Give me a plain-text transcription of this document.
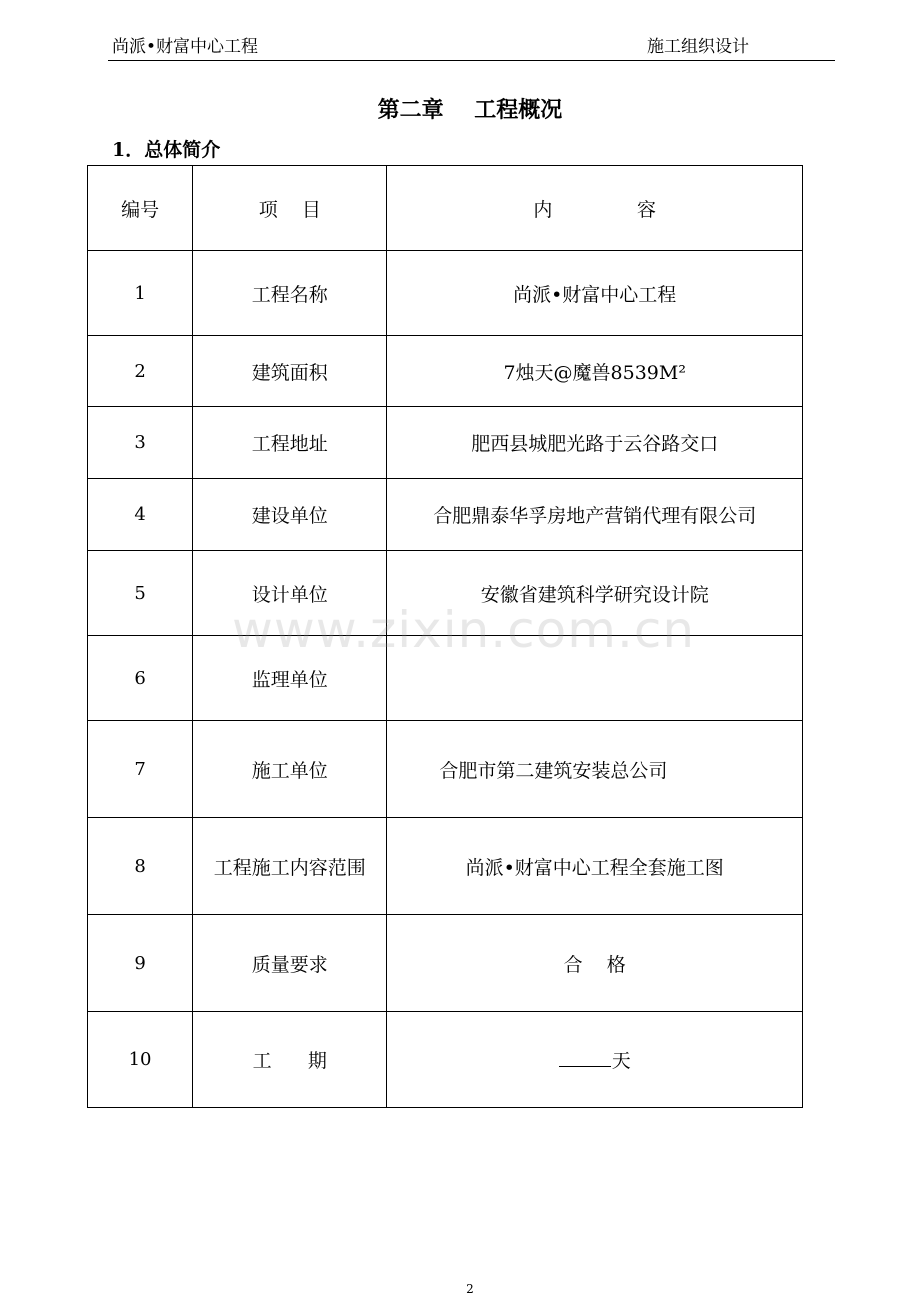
尚派•财富中心工程	施工组织设计
第二章    工程概况
1．总体简介
编号	项    目	内              容
1	工程名称	尚派•财富中心工程
2	建筑面积	7烛天@魔兽8539M²
3	工程地址	肥西县城肥光路于云谷路交口
4	建设单位	合肥鼎泰华孚房地产营销代理有限公司
5	设计单位	安徽省建筑科学研究设计院
6	监理单位	
7	施工单位	合肥市第二建筑安装总公司
8	工程施工内容范围	尚派•财富中心工程全套施工图
9	质量要求	合    格
10	工      期	天
www.zixin.com.cn
2
